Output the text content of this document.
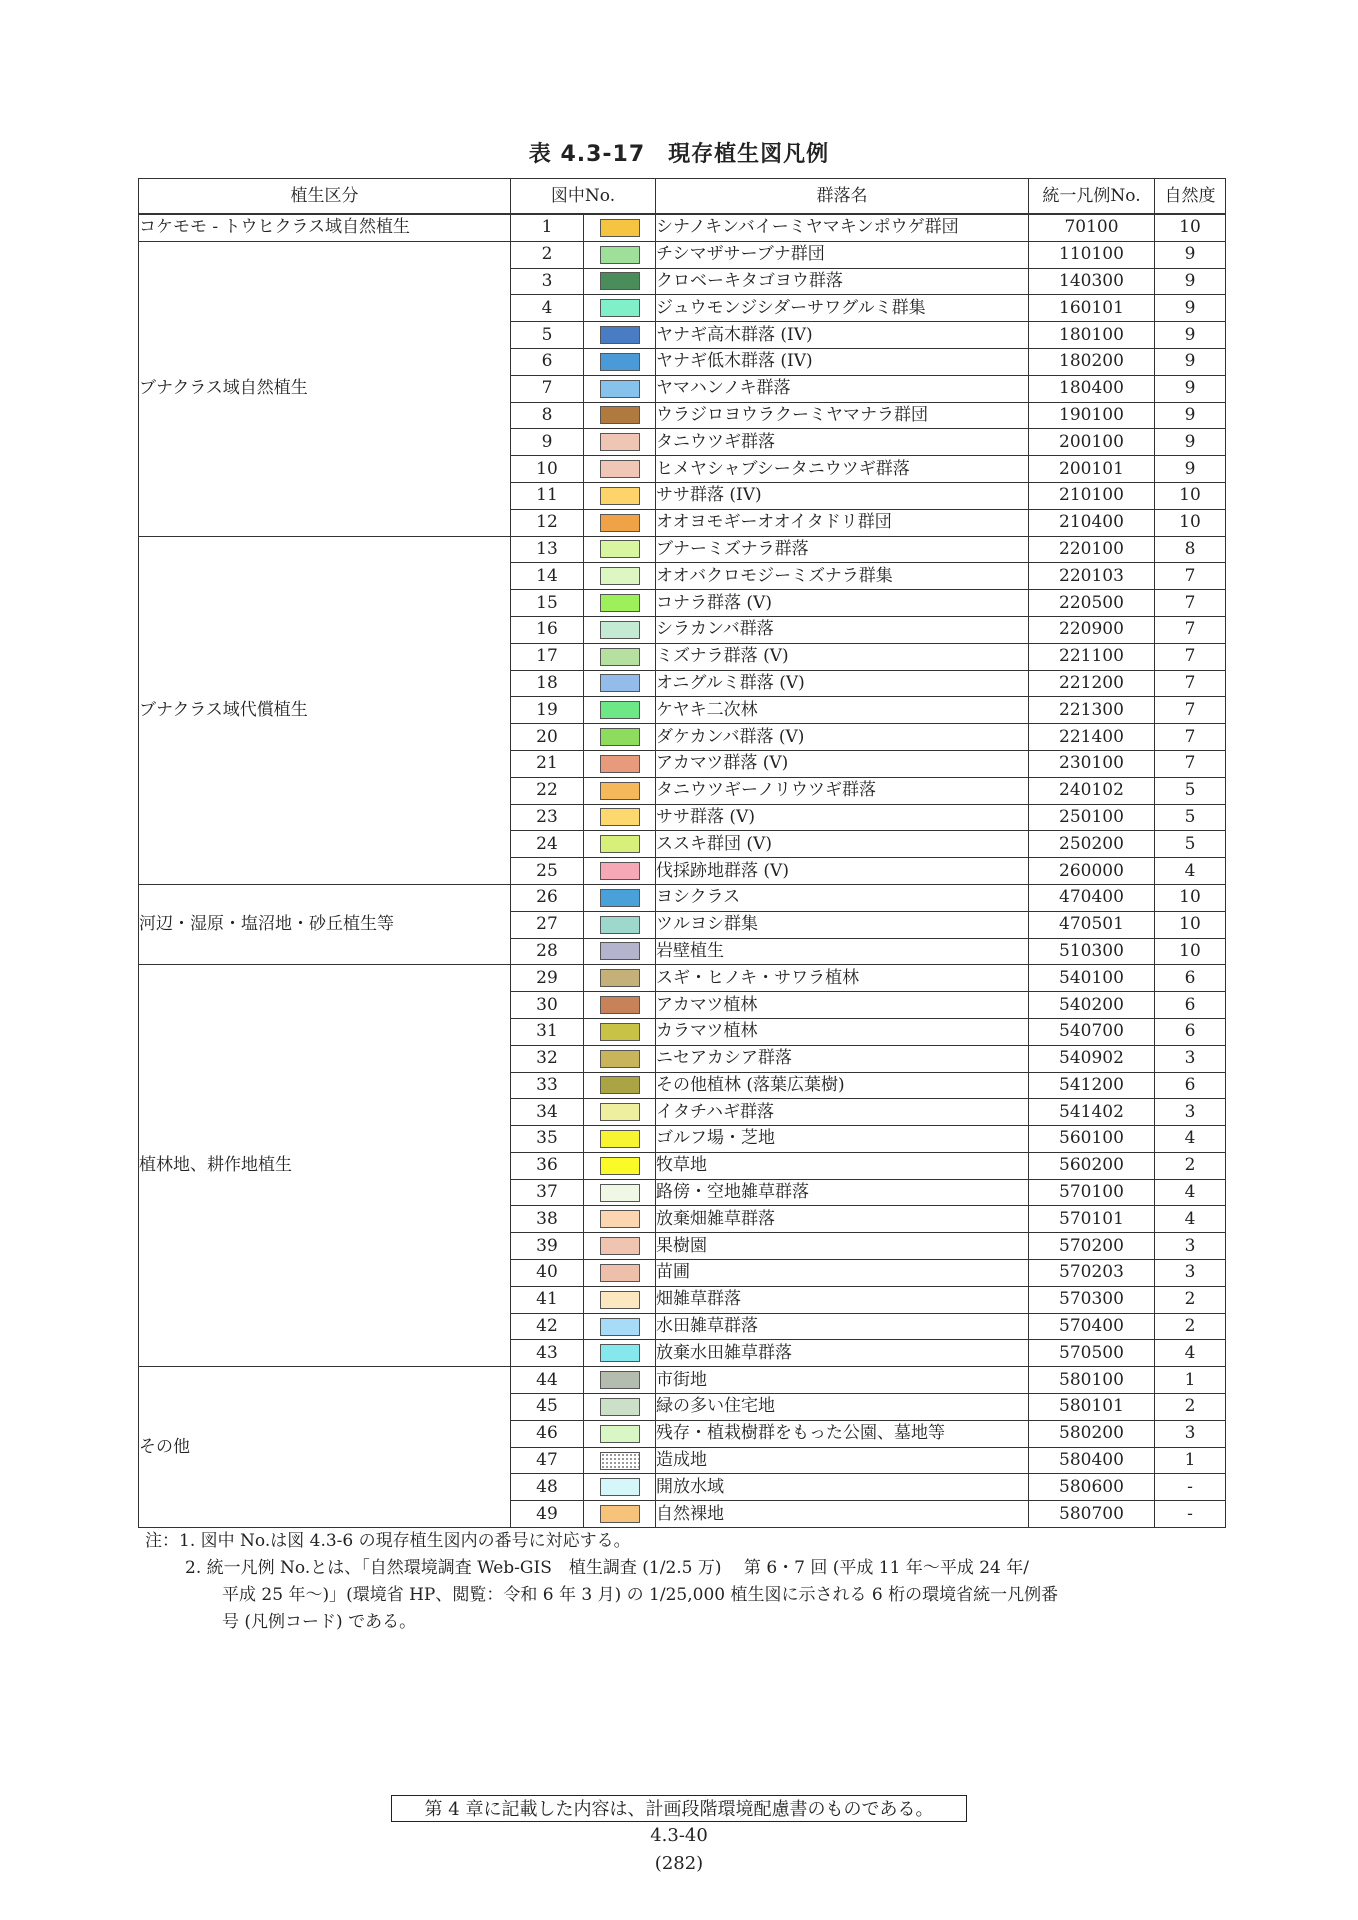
表 4.3-17　現存植生図凡例
植生区分	図中No.		群落名	統一凡例No.	自然度
コケモモ - トウヒクラス域自然植生	1		シナノキンバイーミヤマキンポウゲ群団	70100	10
ブナクラス域自然植生	2		チシマザサーブナ群団	110100	9
	3		クロベーキタゴヨウ群落	140300	9
	4		ジュウモンジシダーサワグルミ群集	160101	9
	5		ヤナギ高木群落 (IV)	180100	9
	6		ヤナギ低木群落 (IV)	180200	9
	7		ヤマハンノキ群落	180400	9
	8		ウラジロヨウラクーミヤマナラ群団	190100	9
	9		タニウツギ群落	200100	9
	10		ヒメヤシャブシータニウツギ群落	200101	9
	11		ササ群落 (IV)	210100	10
	12		オオヨモギーオオイタドリ群団	210400	10
ブナクラス域代償植生	13		ブナーミズナラ群落	220100	8
	14		オオバクロモジーミズナラ群集	220103	7
	15		コナラ群落 (V)	220500	7
	16		シラカンバ群落	220900	7
	17		ミズナラ群落 (V)	221100	7
	18		オニグルミ群落 (V)	221200	7
	19		ケヤキ二次林	221300	7
	20		ダケカンバ群落 (V)	221400	7
	21		アカマツ群落 (V)	230100	7
	22		タニウツギーノリウツギ群落	240102	5
	23		ササ群落 (V)	250100	5
	24		ススキ群団 (V)	250200	5
	25		伐採跡地群落 (V)	260000	4
河辺・湿原・塩沼地・砂丘植生等	26		ヨシクラス	470400	10
	27		ツルヨシ群集	470501	10
	28		岩壁植生	510300	10
植林地、耕作地植生	29		スギ・ヒノキ・サワラ植林	540100	6
	30		アカマツ植林	540200	6
	31		カラマツ植林	540700	6
	32		ニセアカシア群落	540902	3
	33		その他植林 (落葉広葉樹)	541200	6
	34		イタチハギ群落	541402	3
	35		ゴルフ場・芝地	560100	4
	36		牧草地	560200	2
	37		路傍・空地雑草群落	570100	4
	38		放棄畑雑草群落	570101	4
	39		果樹園	570200	3
	40		苗圃	570203	3
	41		畑雑草群落	570300	2
	42		水田雑草群落	570400	2
	43		放棄水田雑草群落	570500	4
その他	44		市街地	580100	1
	45		緑の多い住宅地	580101	2
	46		残存・植栽樹群をもった公園、墓地等	580200	3
	47		造成地	580400	1
	48		開放水域	580600	-
	49		自然裸地	580700	-
注：1. 図中 No.は図 4.3-6 の現存植生図内の番号に対応する。
2. 統一凡例 No.とは、「自然環境調査 Web-GIS　植生調査 (1/2.5 万)　 第 6・7 回 (平成 11 年～平成 24 年/
平成 25 年～)」(環境省 HP、閲覧：令和 6 年 3 月) の 1/25,000 植生図に示される 6 桁の環境省統一凡例番
号 (凡例コード) である。
第 4 章に記載した内容は、計画段階環境配慮書のものである。
4.3-40
(282)
